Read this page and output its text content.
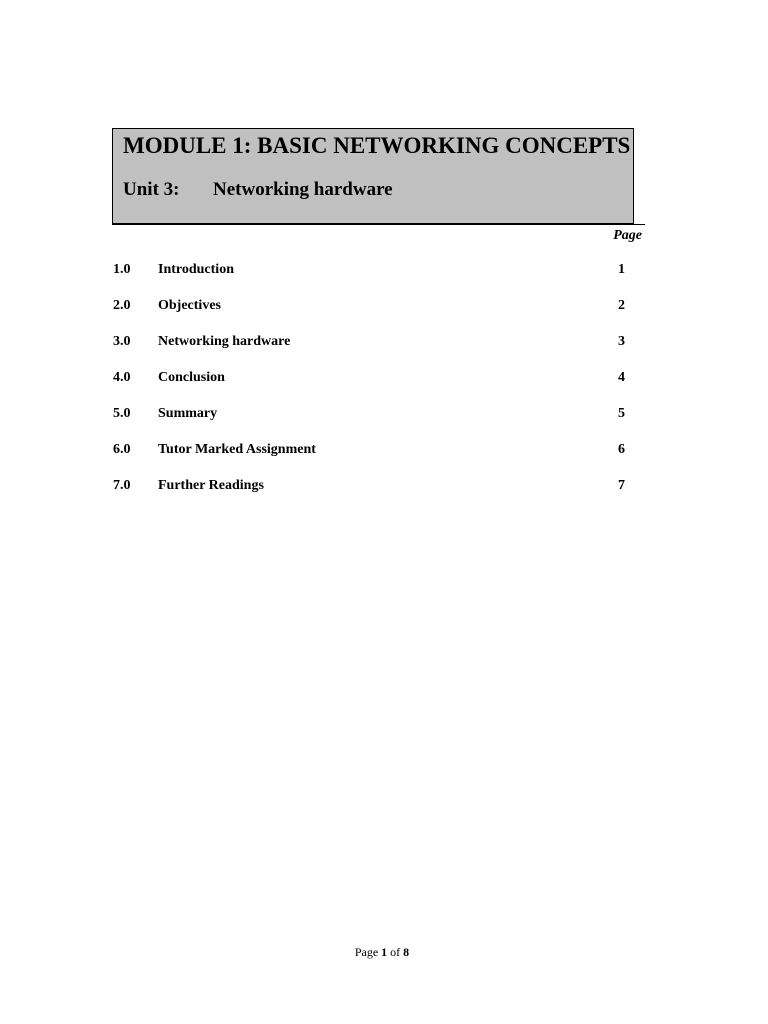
MODULE 1: BASIC NETWORKING CONCEPTS
Unit 3: Networking hardware
Page
1.0 Introduction	1
2.0 Objectives	2
3.0 Networking hardware	3
4.0 Conclusion	4
5.0 Summary	5
6.0 Tutor Marked Assignment	6
7.0 Further Readings	7
Page 1 of 8
